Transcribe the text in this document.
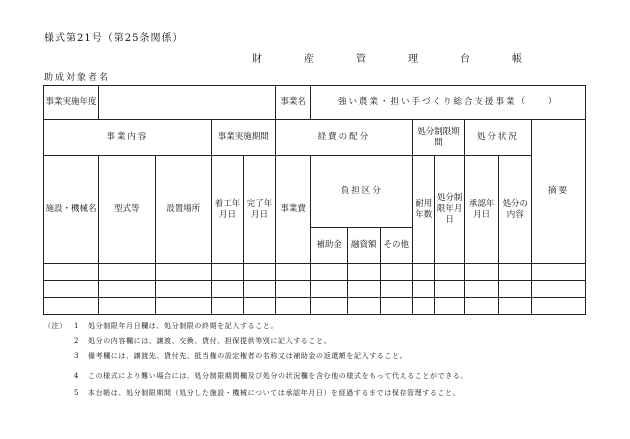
様式第21号（第25条関係）
財　産　管　理　台　帳
助成対象者名
事業実施年度					事業名	強い農業・担い手づくり総合支援事業（　　）							
事業内容			事業実施期間		経費の配分				処分制限期間		処分状況		摘要
施設・機械名	型式等	設置場所	着工年月日	完了年月日	事業費	負担区分			耐用年数	処分制限年月日	承認年月日	処分の内容	
						補助金	融資額	その他					

（注） 1 処分制限年月日欄は、処分制限の終期を記入すること。
2 処分の内容欄には、譲渡、交換、貸付、担保提供等別に記入すること。
3 備考欄には、譲渡先、貸付先、抵当権の設定権者の名称又は補助金の返還額を記入すること。
4 この様式により難い場合には、処分制限期間欄及び処分の状況欄を含む他の様式をもって代えることができる。
5 本台帳は、処分制限期間（処分した施設・機械については承認年月日）を経過するまでは保存管理すること。
